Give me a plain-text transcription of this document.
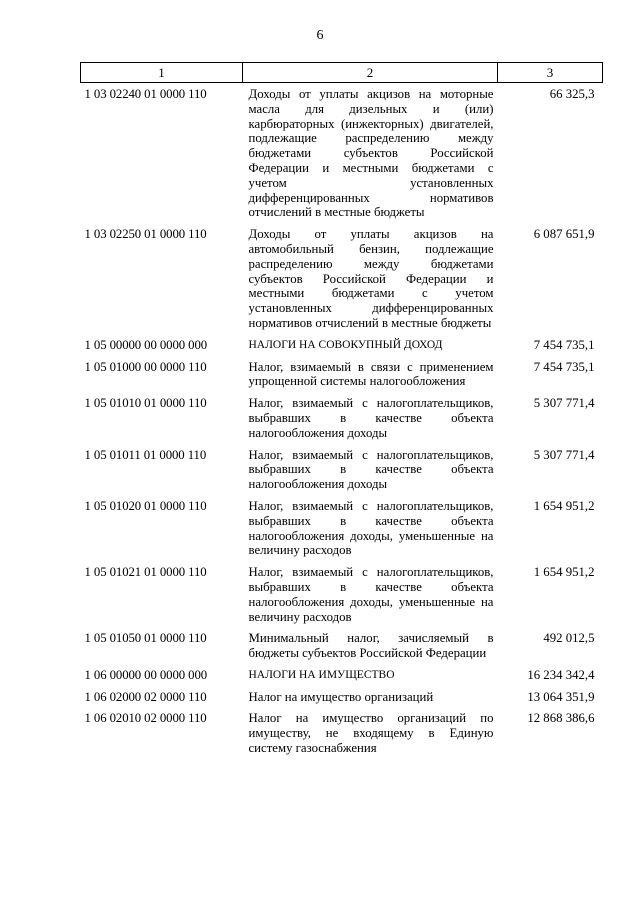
6
1	2	3
1 03 02240 01 0000 110	Доходы от уплаты акцизов на моторные масла для дизельных и (или) карбюраторных (инжекторных) двигателей, подлежащие распределению между бюджетами субъектов Российской Федерации и местными бюджетами с учетом установленных дифференцированных нормативов отчислений в местные бюджеты	66 325,3
1 03 02250 01 0000 110	Доходы от уплаты акцизов на автомобильный бензин, подлежащие распределению между бюджетами субъектов Российской Федерации и местными бюджетами с учетом установленных дифференцированных нормативов отчислений в местные бюджеты	6 087 651,9
1 05 00000 00 0000 000	НАЛОГИ НА СОВОКУПНЫЙ ДОХОД	7 454 735,1
1 05 01000 00 0000 110	Налог, взимаемый в связи с применением упрощенной системы налогообложения	7 454 735,1
1 05 01010 01 0000 110	Налог, взимаемый с налогоплательщиков, выбравших в качестве объекта налогообложения доходы	5 307 771,4
1 05 01011 01 0000 110	Налог, взимаемый с налогоплательщиков, выбравших в качестве объекта налогообложения доходы	5 307 771,4
1 05 01020 01 0000 110	Налог, взимаемый с налогоплательщиков, выбравших в качестве объекта налогообложения доходы, уменьшенные на величину расходов	1 654 951,2
1 05 01021 01 0000 110	Налог, взимаемый с налогоплательщиков, выбравших в качестве объекта налогообложения доходы, уменьшенные на величину расходов	1 654 951,2
1 05 01050 01 0000 110	Минимальный налог, зачисляемый в бюджеты субъектов Российской Федерации	492 012,5
1 06 00000 00 0000 000	НАЛОГИ НА ИМУЩЕСТВО	16 234 342,4
1 06 02000 02 0000 110	Налог на имущество организаций	13 064 351,9
1 06 02010 02 0000 110	Налог на имущество организаций по имуществу, не входящему в Единую систему газоснабжения	12 868 386,6
